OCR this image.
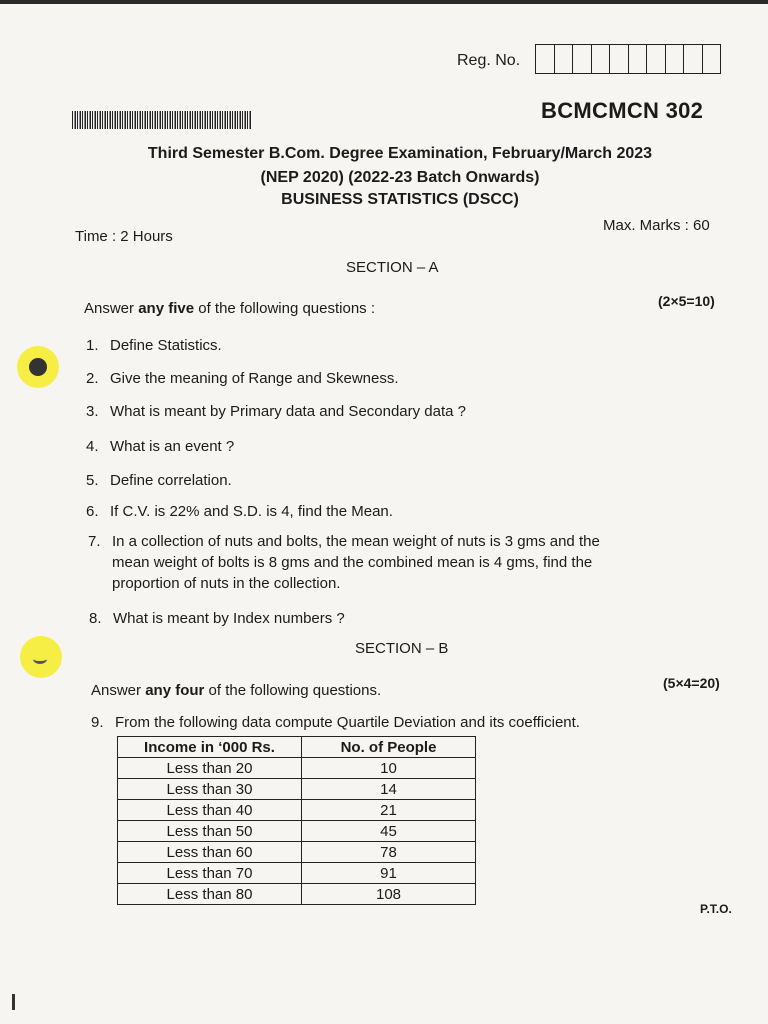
Reg. No.
BCMCMCN 302
Third Semester B.Com. Degree Examination, February/March 2023
(NEP 2020) (2022-23 Batch Onwards)
BUSINESS STATISTICS (DSCC)
Time : 2 Hours
Max. Marks : 60
SECTION – A
Answer any five of the following questions :	(2×5=10)
1. Define Statistics.
2. Give the meaning of Range and Skewness.
3. What is meant by Primary data and Secondary data ?
4. What is an event ?
5. Define correlation.
6. If C.V. is 22% and S.D. is 4, find the Mean.
7. In a collection of nuts and bolts, the mean weight of nuts is 3 gms and the
mean weight of bolts is 8 gms and the combined mean is 4 gms, find the
proportion of nuts in the collection.
8. What is meant by Index numbers ?
SECTION – B
Answer any four of the following questions.	(5×4=20)
9. From the following data compute Quartile Deviation and its coefficient.
Income in ‘000 Rs.	No. of People
Less than 20	10
Less than 30	14
Less than 40	21
Less than 50	45
Less than 60	78
Less than 70	91
Less than 80	108
P.T.O.
